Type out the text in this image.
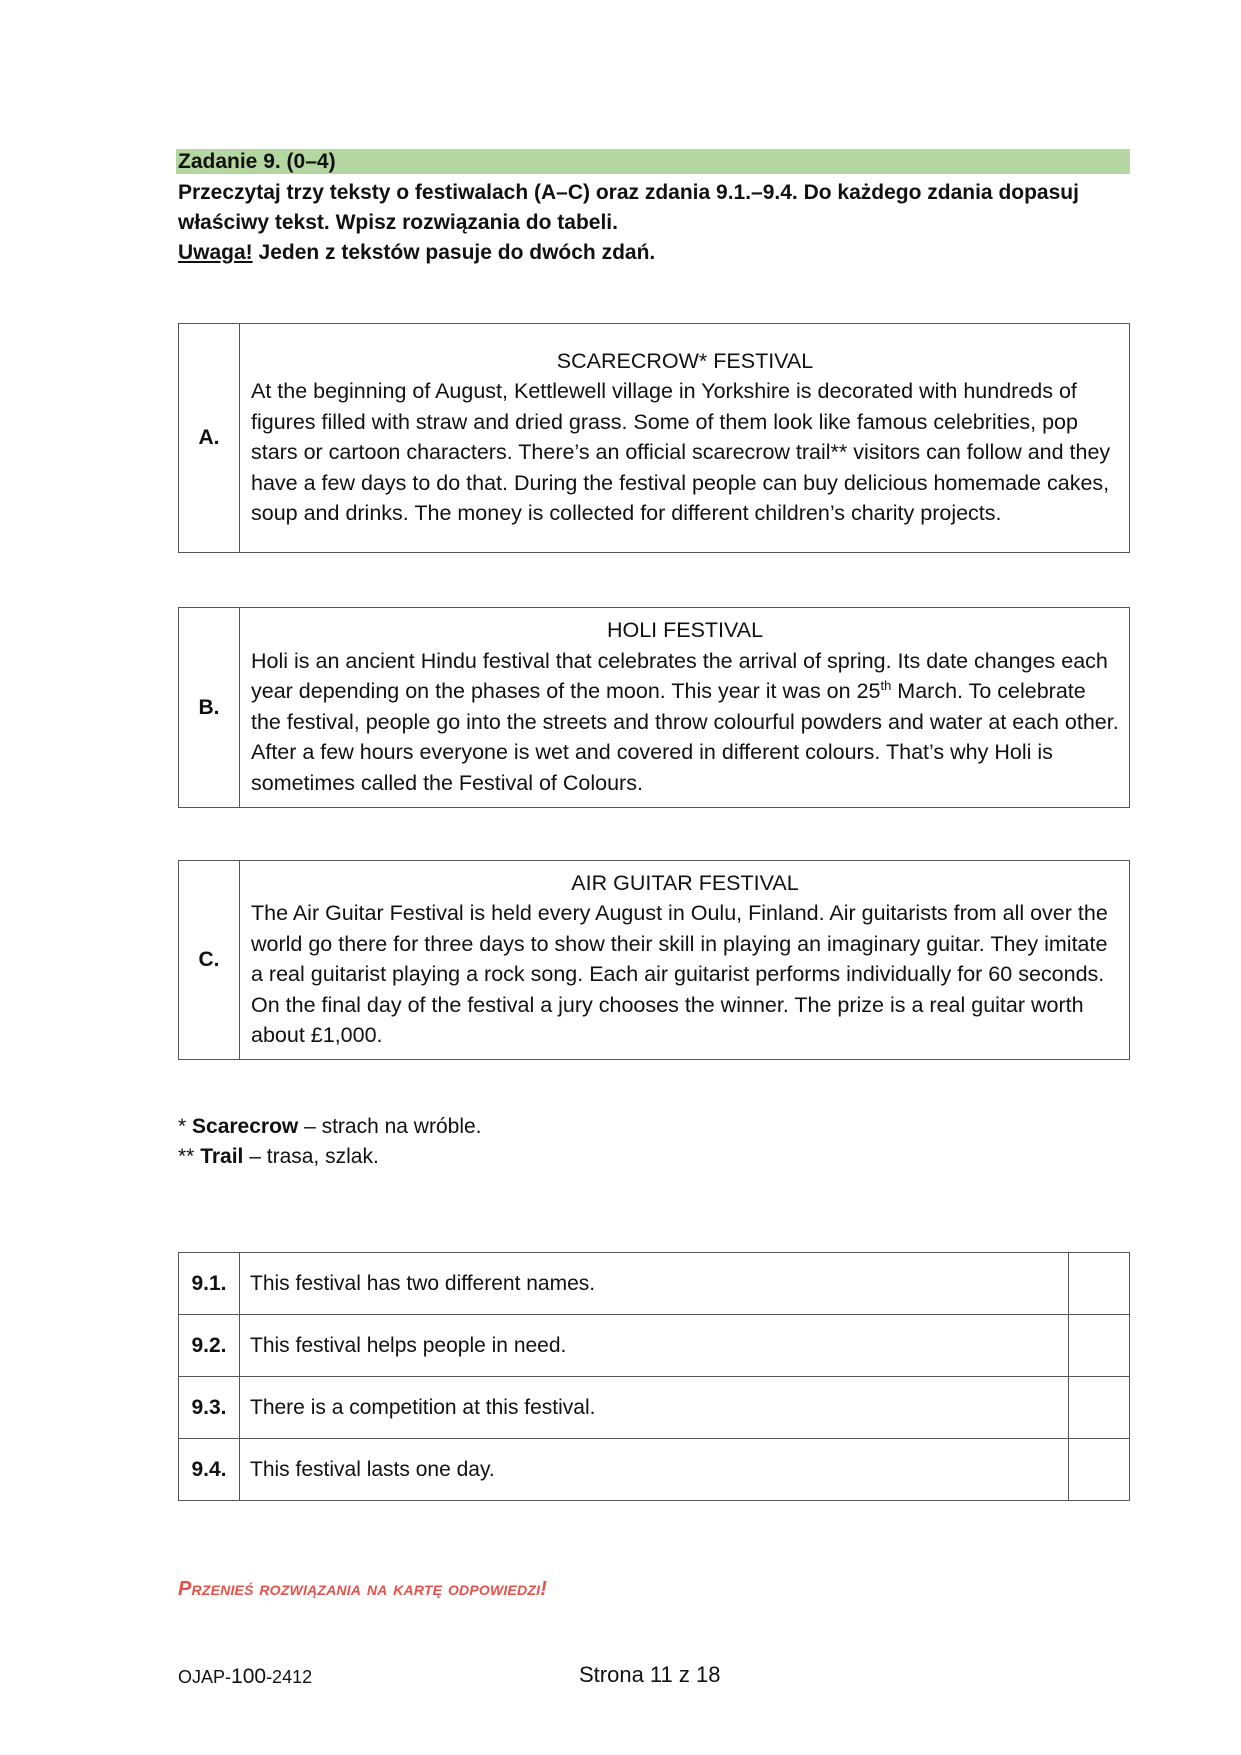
Zadanie 9. (0–4)
Przeczytaj trzy teksty o festiwalach (A–C) oraz zdania 9.1.–9.4. Do każdego zdania dopasuj właściwy tekst. Wpisz rozwiązania do tabeli.
Uwaga! Jeden z tekstów pasuje do dwóch zdań.
A.	
SCARECROW* FESTIVAL
At the beginning of August, Kettlewell village in Yorkshire is decorated with hundreds of figures filled with straw and dried grass. Some of them look like famous celebrities, pop stars or cartoon characters. There’s an official scarecrow trail** visitors can follow and they have a few days to do that. During the festival people can buy delicious homemade cakes, soup and drinks. The money is collected for different children’s charity projects.
B.	
HOLI FESTIVAL
Holi is an ancient Hindu festival that celebrates the arrival of spring. Its date changes each year depending on the phases of the moon. This year it was on 25th March. To celebrate the festival, people go into the streets and throw colourful powders and water at each other. After a few hours everyone is wet and covered in different colours. That’s why Holi is sometimes called the Festival of Colours.
C.	
AIR GUITAR FESTIVAL
The Air Guitar Festival is held every August in Oulu, Finland. Air guitarists from all over the world go there for three days to show their skill in playing an imaginary guitar. They imitate a real guitarist playing a rock song. Each air guitarist performs individually for 60 seconds. On the final day of the festival a jury chooses the winner. The prize is a real guitar worth about £1,000.
* Scarecrow – strach na wróble.
** Trail – trasa, szlak.
9.1.	This festival has two different names.	
9.2.	This festival helps people in need.	
9.3.	There is a competition at this festival.	
9.4.	This festival lasts one day.	
Przenieś rozwiązania na kartę odpowiedzi!
OJAP-100-2412	Strona 11 z 18
